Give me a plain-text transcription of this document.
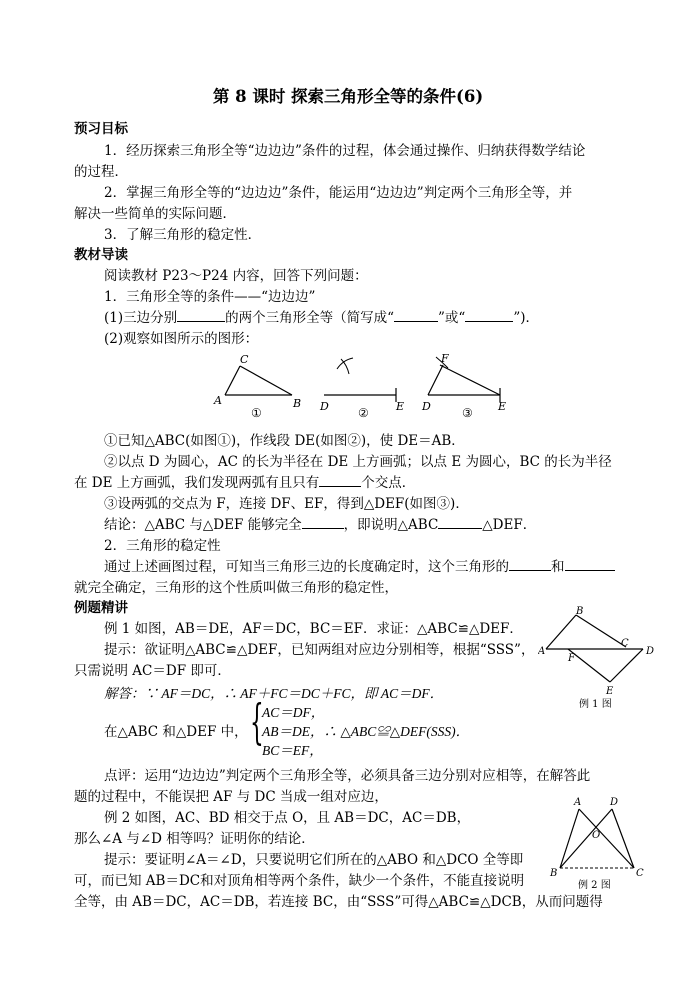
第 8 课时 探索三角形全等的条件(6)
预习目标
1．经历探索三角形全等“边边边”条件的过程，体会通过操作、归纳获得数学结论
的过程．
2．掌握三角形全等的“边边边”条件，能运用“边边边”判定两个三角形全等，并
解决一些简单的实际问题．
3．了解三角形的稳定性．
教材导读
阅读教材 P23～P24 内容，回答下列问题：
1．三角形全等的条件——“边边边”
(1)三边分别	的两个三角形全等（简写成“	”或“	”)．
(2)观察如图所示的图形：
C
A	B
①	D	E
②
F
D	E
③
①已知△ABC(如图①)，作线段 DE(如图②)，使 DE＝AB．
②以点 D 为圆心，AC 的长为半径在 DE 上方画弧；以点 E 为圆心，BC 的长为半径
在 DE 上方画弧，我们发现两弧有且只有	个交点．
③设两弧的交点为 F，连接 DF、EF，得到△DEF(如图③)．
结论：△ABC 与△DEF 能够完全	，即说明△ABC	△DEF．
2．三角形的稳定性
通过上述画图过程，可知当三角形三边的长度确定时，这个三角形的	和
就完全确定，三角形的这个性质叫做三角形的稳定性，
例题精讲
例 1 如图，AB＝DE，AF＝DC，BC＝EF．求证：△ABC≌△DEF．
提示：欲证明△ABC≌△DEF，已知两组对应边分别相等，根据“SSS”，
只需说明 AC＝DF 即可．
B
C
A
F
D
E
例 1 图
解答：∵ AF＝DC，∴ AF＋FC＝DC＋FC，即 AC＝DF．
在△ABC 和△DEF 中， {
AC＝DF，
AB＝DE，∴ △ABC≌△DEF(SSS)．
BC＝EF，
点评：运用“边边边”判定两个三角形全等，必须具备三边分别对应相等，在解答此
题的过程中，不能误把 AF 与 DC 当成一组对应边，
例 2 如图，AC、BD 相交于点 O，且 AB＝DC，AC＝DB，
那么∠A 与∠D 相等吗？证明你的结论．
提示：要证明∠A＝∠D，只要说明它们所在的△ABO 和△DCO 全等即
可，而已知 AB＝DC和对顶角相等两个条件，缺少一个条件，不能直接说明
全等，由 AB＝DC，AC＝DB，若连接 BC，由“SSS”可得△ABC≌△DCB，从而问题得
A	D
O
B	C
例 2 图
